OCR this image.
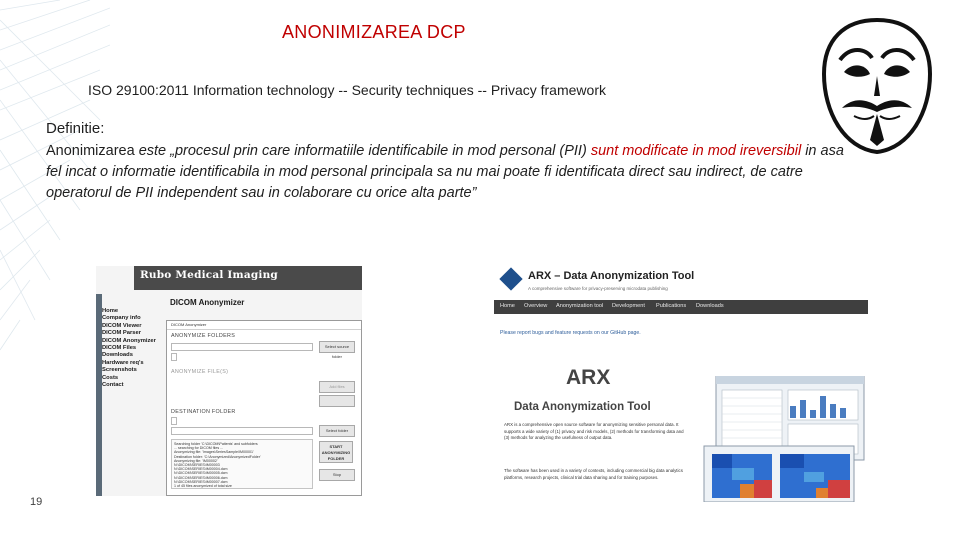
ANONIMIZAREA DCP
ISO 29100:2011 Information technology -- Security techniques -- Privacy framework
Definitie:
Anonimizarea este „procesul prin care informatiile identificabile in mod personal (PII) sunt modificate in mod ireversibil in asa fel incat o informatie identificabila in mod personal principala sa nu mai poate fi identificata direct sau indirect, de catre operatorul de PII independent sau in colaborare cu orice alta parte”
Rubo Medical Imaging
Home
Company info
DICOM Viewer
DICOM Parser
DICOM Anonymizer
DICOM Files
Downloads
Hardware req's
Screenshots
Costs
Contact
DICOM Anonymizer
DICOM Anonymizer
ANONYMIZE FOLDERS
Select source folder
ANONYMIZE FILE(S)
Add files
DESTINATION FOLDER
Select folder
START ANONYMIZING FOLDER
Stop
Searching folder 'C:\DICOM\Patients' and subfolders
... searching for DICOM files ...
Anonymizing file: 'Images\SeriesSample\IM00001'
Destination folder: 'C:\Anonymized\AnonymizedFolder'
Anonymizing file: 'IM00002'
N:\DICOM\SERIES\IM00003
N:\DICOM\SERIES\IM00004.dcm
N:\DICOM\SERIES\IM00005.dcm
N:\DICOM\SERIES\IM00006.dcm
N:\DICOM\SERIES\IM00007.dcm
1 of 45 files anonymized of total size
ARX – Data Anonymization Tool
A comprehensive software for privacy-preserving microdata publishing
Home Overview Anonymization tool Development Publications Downloads
Please report bugs and feature requests on our GitHub page.
ARX
Data Anonymization Tool
ARX is a comprehensive open source software for anonymizing sensitive personal data. It supports a wide variety of (1) privacy and risk models, (2) methods for transforming data and (3) methods for analyzing the usefulness of output data.
The software has been used in a variety of contexts, including commercial big data analytics platforms, research projects, clinical trial data sharing and for training purposes.
19
